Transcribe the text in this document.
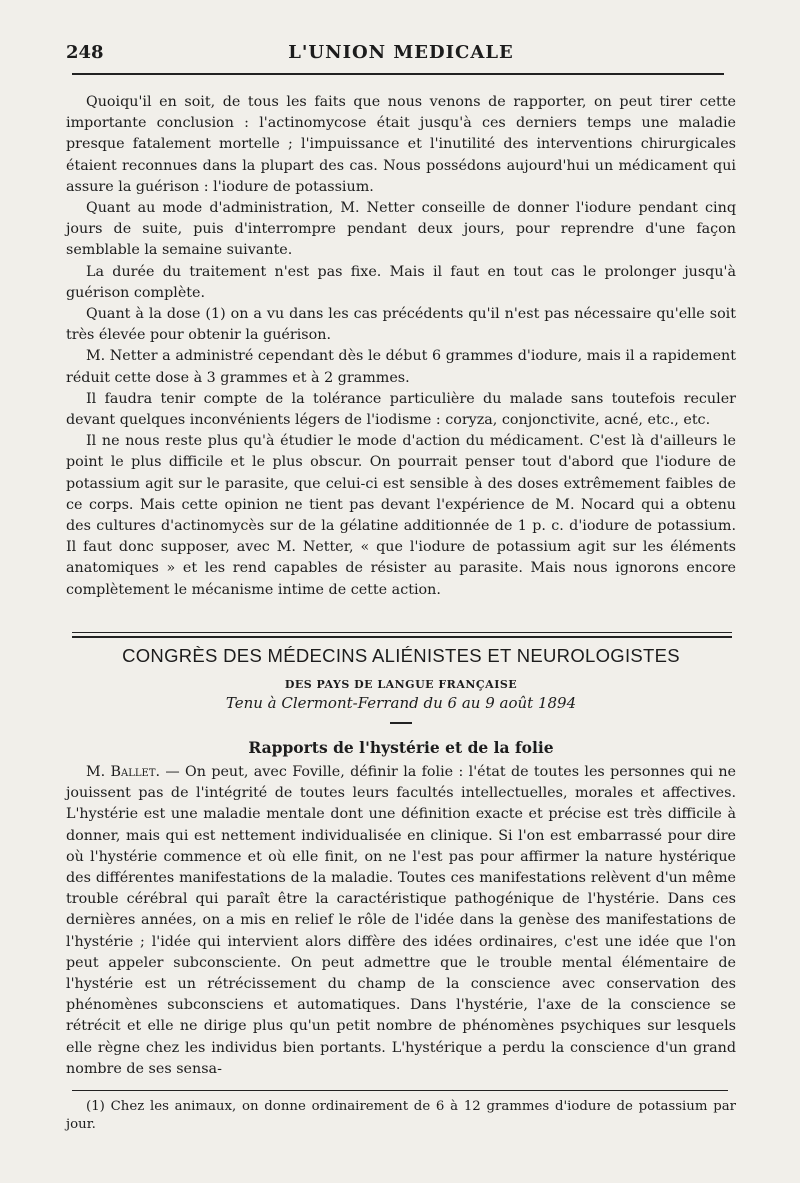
248	L'UNION MEDICALE

Quoiqu'il en soit, de tous les faits que nous venons de rapporter, on peut tirer cette importante conclusion : l'actinomycose était jusqu'à ces derniers temps une maladie presque fatalement mortelle ; l'impuissance et l'inutilité des interventions chirurgicales étaient reconnues dans la plupart des cas. Nous possédons aujourd'hui un médicament qui assure la guérison : l'iodure de potassium.

Quant au mode d'administration, M. Netter conseille de donner l'iodure pendant cinq jours de suite, puis d'interrompre pendant deux jours, pour reprendre d'une façon semblable la semaine suivante.

La durée du traitement n'est pas fixe. Mais il faut en tout cas le prolonger jusqu'à guérison complète.

Quant à la dose (1) on a vu dans les cas précédents qu'il n'est pas nécessaire qu'elle soit très élevée pour obtenir la guérison.

M. Netter a administré cependant dès le début 6 grammes d'iodure, mais il a rapidement réduit cette dose à 3 grammes et à 2 grammes.

Il faudra tenir compte de la tolérance particulière du malade sans toutefois reculer devant quelques inconvénients légers de l'iodisme : coryza, conjonctivite, acné, etc., etc.

Il ne nous reste plus qu'à étudier le mode d'action du médicament. C'est là d'ailleurs le point le plus difficile et le plus obscur. On pourrait penser tout d'abord que l'iodure de potassium agit sur le parasite, que celui-ci est sensible à des doses extrêmement faibles de ce corps. Mais cette opinion ne tient pas devant l'expérience de M. Nocard qui a obtenu des cultures d'actinomycès sur de la gélatine additionnée de 1 p. c. d'iodure de potassium. Il faut donc supposer, avec M. Netter, « que l'iodure de potassium agit sur les éléments anatomiques » et les rend capables de résister au parasite. Mais nous ignorons encore complètement le mécanisme intime de cette action.

CONGRÈS DES MÉDECINS ALIÉNISTES ET NEUROLOGISTES
DES PAYS DE LANGUE FRANÇAISE
Tenu à Clermont-Ferrand du 6 au 9 août 1894
Rapports de l'hystérie et de la folie

M. Ballet. — On peut, avec Foville, définir la folie : l'état de toutes les personnes qui ne jouissent pas de l'intégrité de toutes leurs facultés intellectuelles, morales et affectives. L'hystérie est une maladie mentale dont une définition exacte et précise est très difficile à donner, mais qui est nettement individualisée en clinique. Si l'on est embarrassé pour dire où l'hystérie commence et où elle finit, on ne l'est pas pour affirmer la nature hystérique des différentes manifestations de la maladie. Toutes ces manifestations relèvent d'un même trouble cérébral qui paraît être la caractéristique pathogénique de l'hystérie. Dans ces dernières années, on a mis en relief le rôle de l'idée dans la genèse des manifestations de l'hystérie ; l'idée qui intervient alors diffère des idées ordinaires, c'est une idée que l'on peut appeler subconsciente. On peut admettre que le trouble mental élémentaire de l'hystérie est un rétrécissement du champ de la conscience avec conservation des phénomènes subconsciens et automatiques. Dans l'hystérie, l'axe de la conscience se rétrécit et elle ne dirige plus qu'un petit nombre de phénomènes psychiques sur lesquels elle règne chez les individus bien portants. L'hystérique a perdu la conscience d'un grand nombre de ses sensa-

(1) Chez les animaux, on donne ordinairement de 6 à 12 grammes d'iodure de potassium par jour.
